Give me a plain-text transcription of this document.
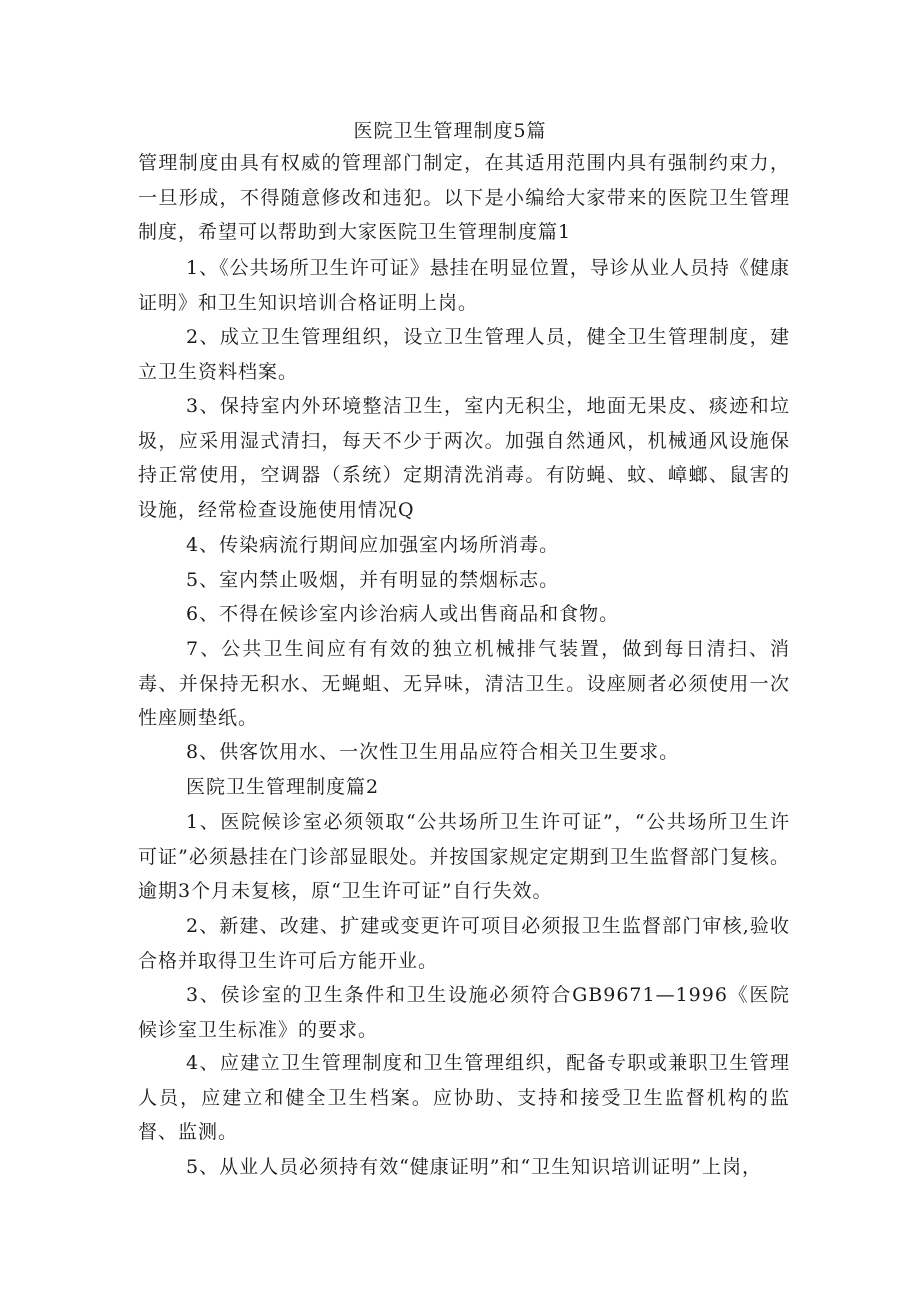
医院卫生管理制度5篇

管理制度由具有权威的管理部门制定，在其适用范围内具有强制约束力，一旦形成，不得随意修改和违犯。以下是小编给大家带来的医院卫生管理制度，希望可以帮助到大家医院卫生管理制度篇1

1、《公共场所卫生许可证》悬挂在明显位置，导诊从业人员持《健康证明》和卫生知识培训合格证明上岗。

2、成立卫生管理组织，设立卫生管理人员，健全卫生管理制度，建立卫生资料档案。

3、保持室内外环境整洁卫生，室内无积尘，地面无果皮、痰迹和垃圾，应采用湿式清扫，每天不少于两次。加强自然通风，机械通风设施保持正常使用，空调器（系统）定期清洗消毒。有防蝇、蚊、嶂螂、鼠害的设施，经常检查设施使用情况Q

4、传染病流行期间应加强室内场所消毒。

5、室内禁止吸烟，并有明显的禁烟标志。

6、不得在候诊室内诊治病人或出售商品和食物。

7、公共卫生间应有有效的独立机械排气装置，做到每日清扫、消毒、并保持无积水、无蝇蛆、无异味，清洁卫生。设座厕者必须使用一次性座厕垫纸。

8、供客饮用水、一次性卫生用品应符合相关卫生要求。

医院卫生管理制度篇2

1、医院候诊室必须领取“公共场所卫生许可证”，“公共场所卫生许可证”必须悬挂在门诊部显眼处。并按国家规定定期到卫生监督部门复核。逾期3个月未复核，原“卫生许可证”自行失效。

2、新建、改建、扩建或变更许可项目必须报卫生监督部门审核,验收合格并取得卫生许可后方能开业。

3、侯诊室的卫生条件和卫生设施必须符合GB9671—1996《医院候诊室卫生标准》的要求。

4、应建立卫生管理制度和卫生管理组织，配备专职或兼职卫生管理人员，应建立和健全卫生档案。应协助、支持和接受卫生监督机构的监督、监测。

5、从业人员必须持有效“健康证明”和“卫生知识培训证明”上岗，
